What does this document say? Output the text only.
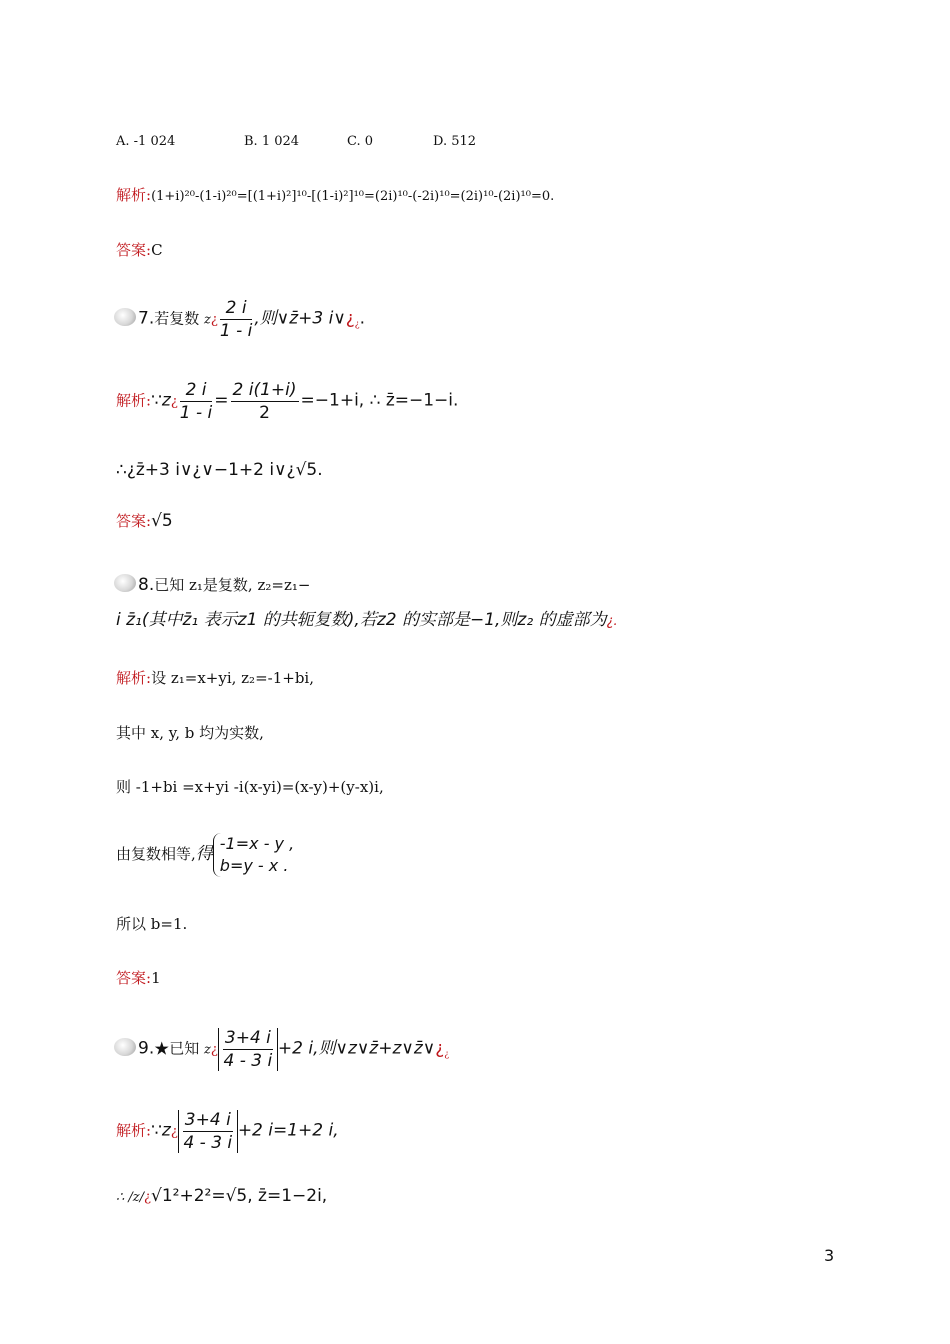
A. -1 024	B. 1 024	C. 0	D. 512
解析:(1+i)²⁰-(1-i)²⁰=[(1+i)²]¹⁰-[(1-i)²]¹⁰=(2i)¹⁰-(-2i)¹⁰=(2i)¹⁰-(2i)¹⁰=0.
答案:C
7.若复数 z¿ $\frac{2 i}{1 - i}$ ,则∨z̄+3 $i\vee¿_¿$.
解析:∵z¿ $\frac{2 i}{1 - i} = \frac{2 i(1+i)}{2} =-1+i$, ∴ z̄=−1−i.
∴¿z̄+3 i∨¿∨−1+2 i∨¿√5.
答案:√5
8.已知 z₁是复数, z₂=z₁−
i z̄₁(其中z̄₁ 表示z1 的共轭复数),若z2 的实部是−1,则z₂ 的虚部为¿.
解析:设 z₁=x+yi, z₂=-1+bi,
其中 x, y, b 均为实数,
则 -1+bi =x+yi -i(x-yi)=(x-y)+(y-x)i,
由复数相等,得
-1=x - y ,
b=y - x .
所以 b=1.
答案:1
9.★已知 z¿ $\frac{3+4 i}{4 - 3 i} +2$ i,则$\vee z\vee z̄+z\vee z̄\vee¿_¿$
解析:∵z¿ $\frac{3+4 i}{4 - 3 i} +2$ i=1+2 i,
∴ /z/¿√1²+2²=√5, z̄=1−2i,
3
